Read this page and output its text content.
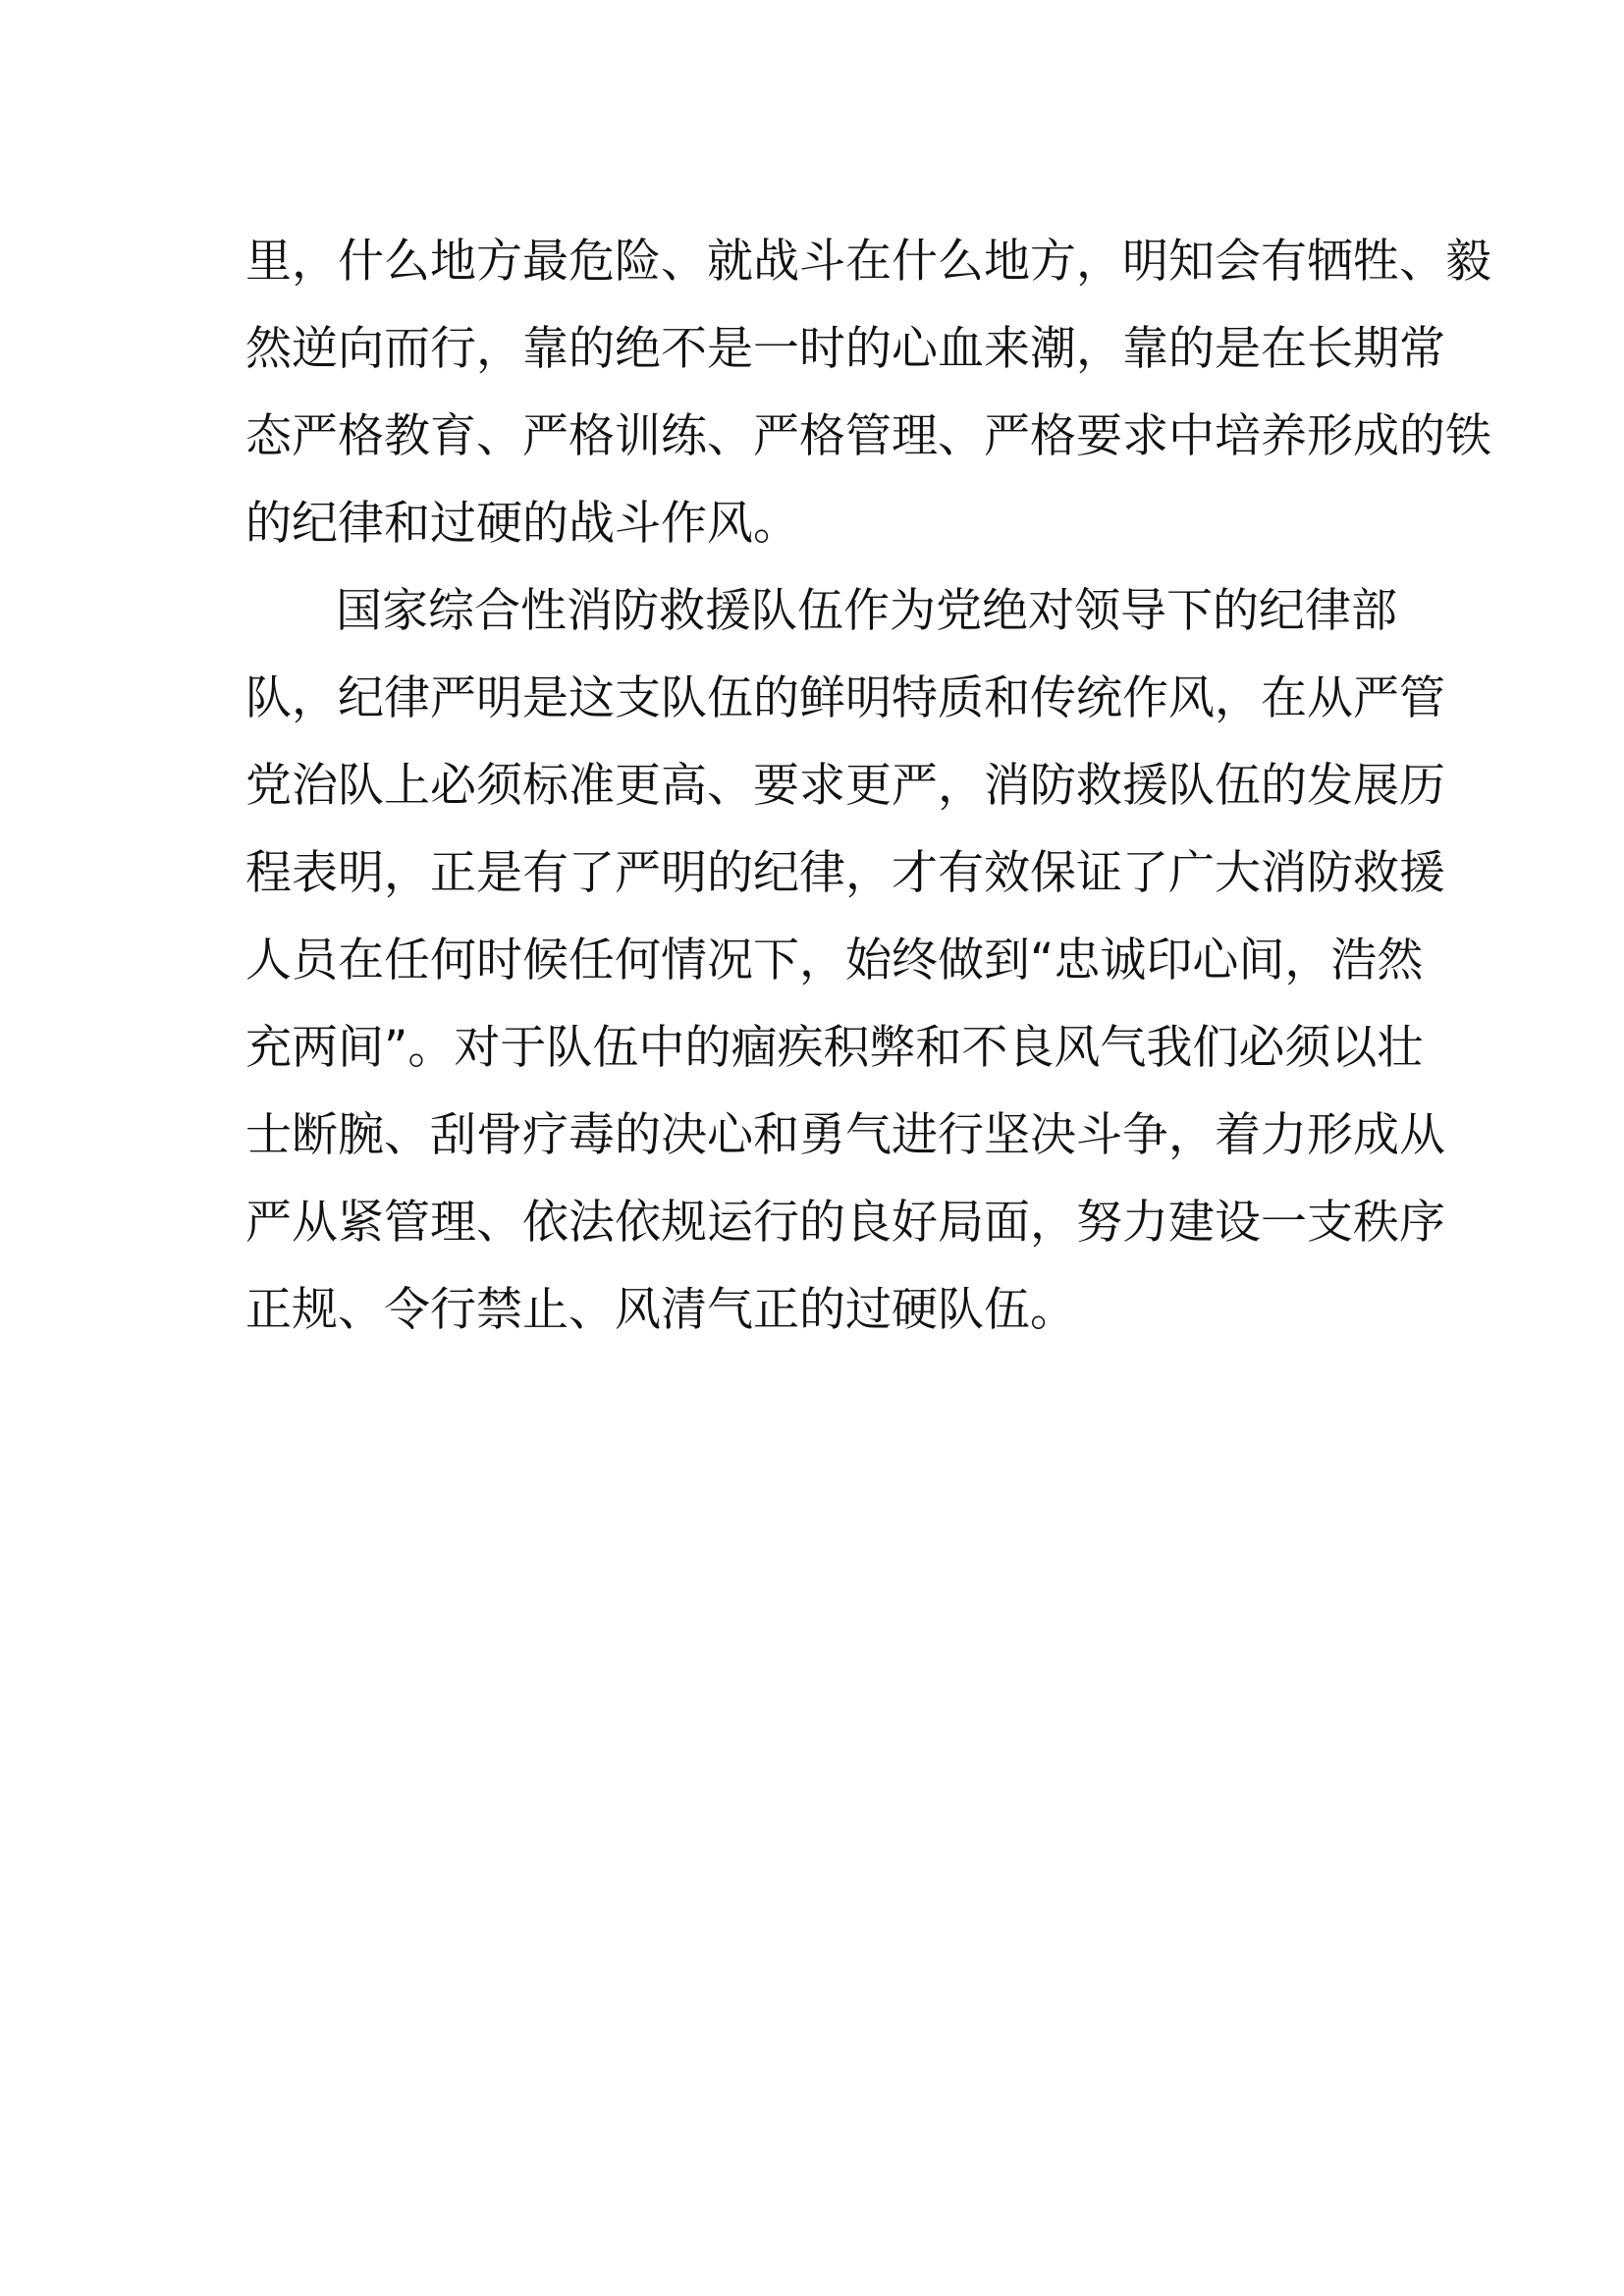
里，什么地方最危险、就战斗在什么地方，明知会有牺牲、毅
然逆向而行，靠的绝不是一时的心血来潮，靠的是在长期常
态严格教育、严格训练、严格管理、严格要求中培养形成的铁
的纪律和过硬的战斗作风。
国家综合性消防救援队伍作为党绝对领导下的纪律部
队，纪律严明是这支队伍的鲜明特质和传统作风，在从严管
党治队上必须标准更高、要求更严，消防救援队伍的发展历
程表明，正是有了严明的纪律，才有效保证了广大消防救援
人员在任何时候任何情况下，始终做到“忠诚印心间，浩然
充两间”。对于队伍中的痼疾积弊和不良风气我们必须以壮
士断腕、刮骨疗毒的决心和勇气进行坚决斗争，着力形成从
严从紧管理、依法依规运行的良好局面，努力建设一支秩序
正规、令行禁止、风清气正的过硬队伍。
